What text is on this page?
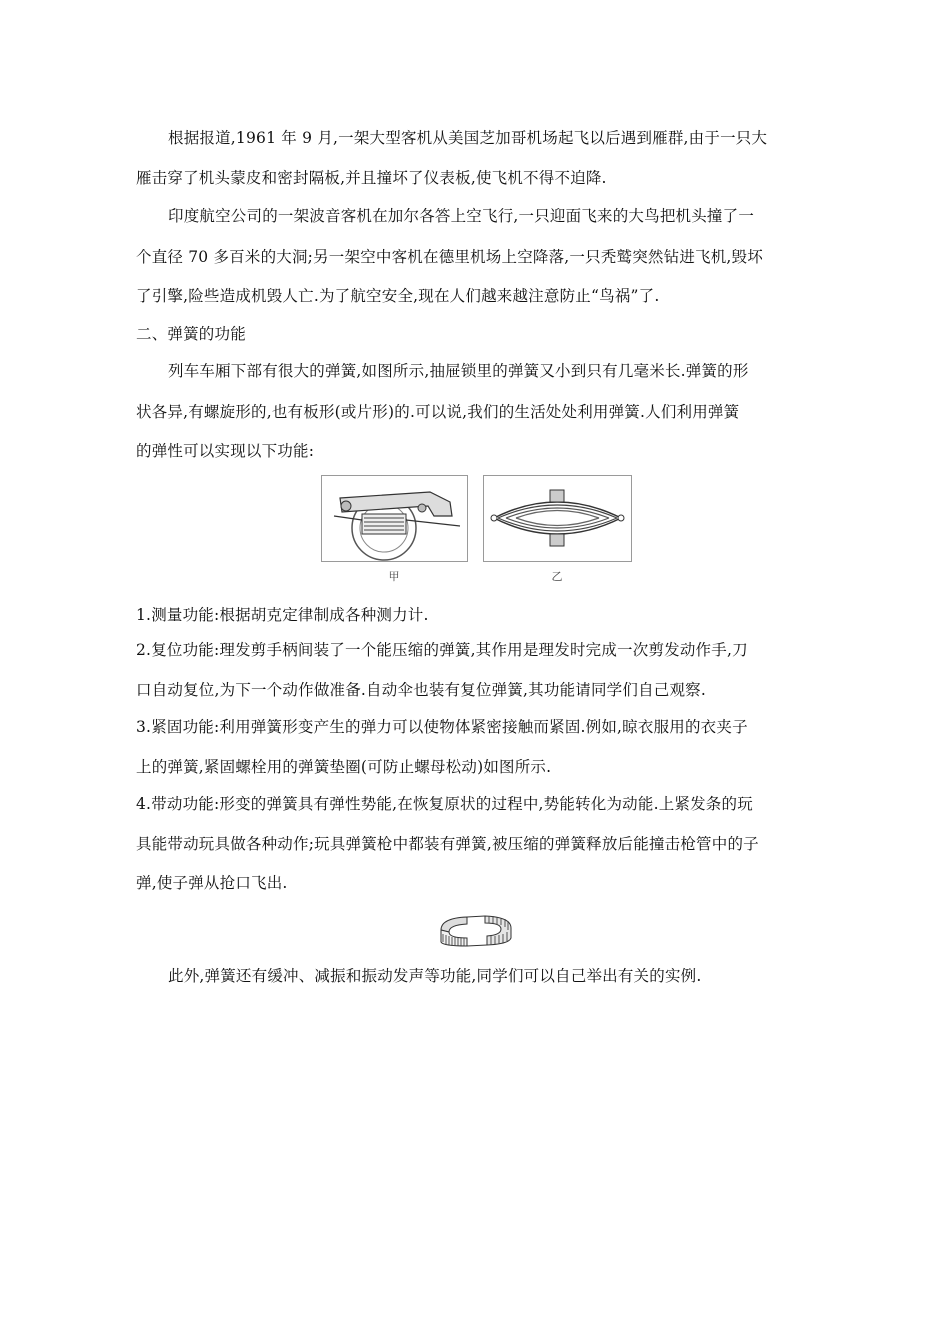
根据报道,1961 年 9 月,一架大型客机从美国芝加哥机场起飞以后遇到雁群,由于一只大
雁击穿了机头蒙皮和密封隔板,并且撞坏了仪表板,使飞机不得不迫降.
印度航空公司的一架波音客机在加尔各答上空飞行,一只迎面飞来的大鸟把机头撞了一
个直径 70 多百米的大洞;另一架空中客机在德里机场上空降落,一只秃鹫突然钻进飞机,毁坏
了引擎,险些造成机毁人亡.为了航空安全,现在人们越来越注意防止“鸟祸”了.
二、弹簧的功能
列车车厢下部有很大的弹簧,如图所示,抽屉锁里的弹簧又小到只有几毫米长.弹簧的形
状各异,有螺旋形的,也有板形(或片形)的.可以说,我们的生活处处利用弹簧.人们利用弹簧
的弹性可以实现以下功能:
甲	乙
1.测量功能:根据胡克定律制成各种测力计.
2.复位功能:理发剪手柄间装了一个能压缩的弹簧,其作用是理发时完成一次剪发动作手,刀
口自动复位,为下一个动作做准备.自动伞也装有复位弹簧,其功能请同学们自己观察.
3.紧固功能:利用弹簧形变产生的弹力可以使物体紧密接触而紧固.例如,晾衣服用的衣夹子
上的弹簧,紧固螺栓用的弹簧垫圈(可防止螺母松动)如图所示.
4.带动功能:形变的弹簧具有弹性势能,在恢复原状的过程中,势能转化为动能.上紧发条的玩
具能带动玩具做各种动作;玩具弹簧枪中都装有弹簧,被压缩的弹簧释放后能撞击枪管中的子
弹,使子弹从抢口飞出.
此外,弹簧还有缓冲、减振和振动发声等功能,同学们可以自己举出有关的实例.
